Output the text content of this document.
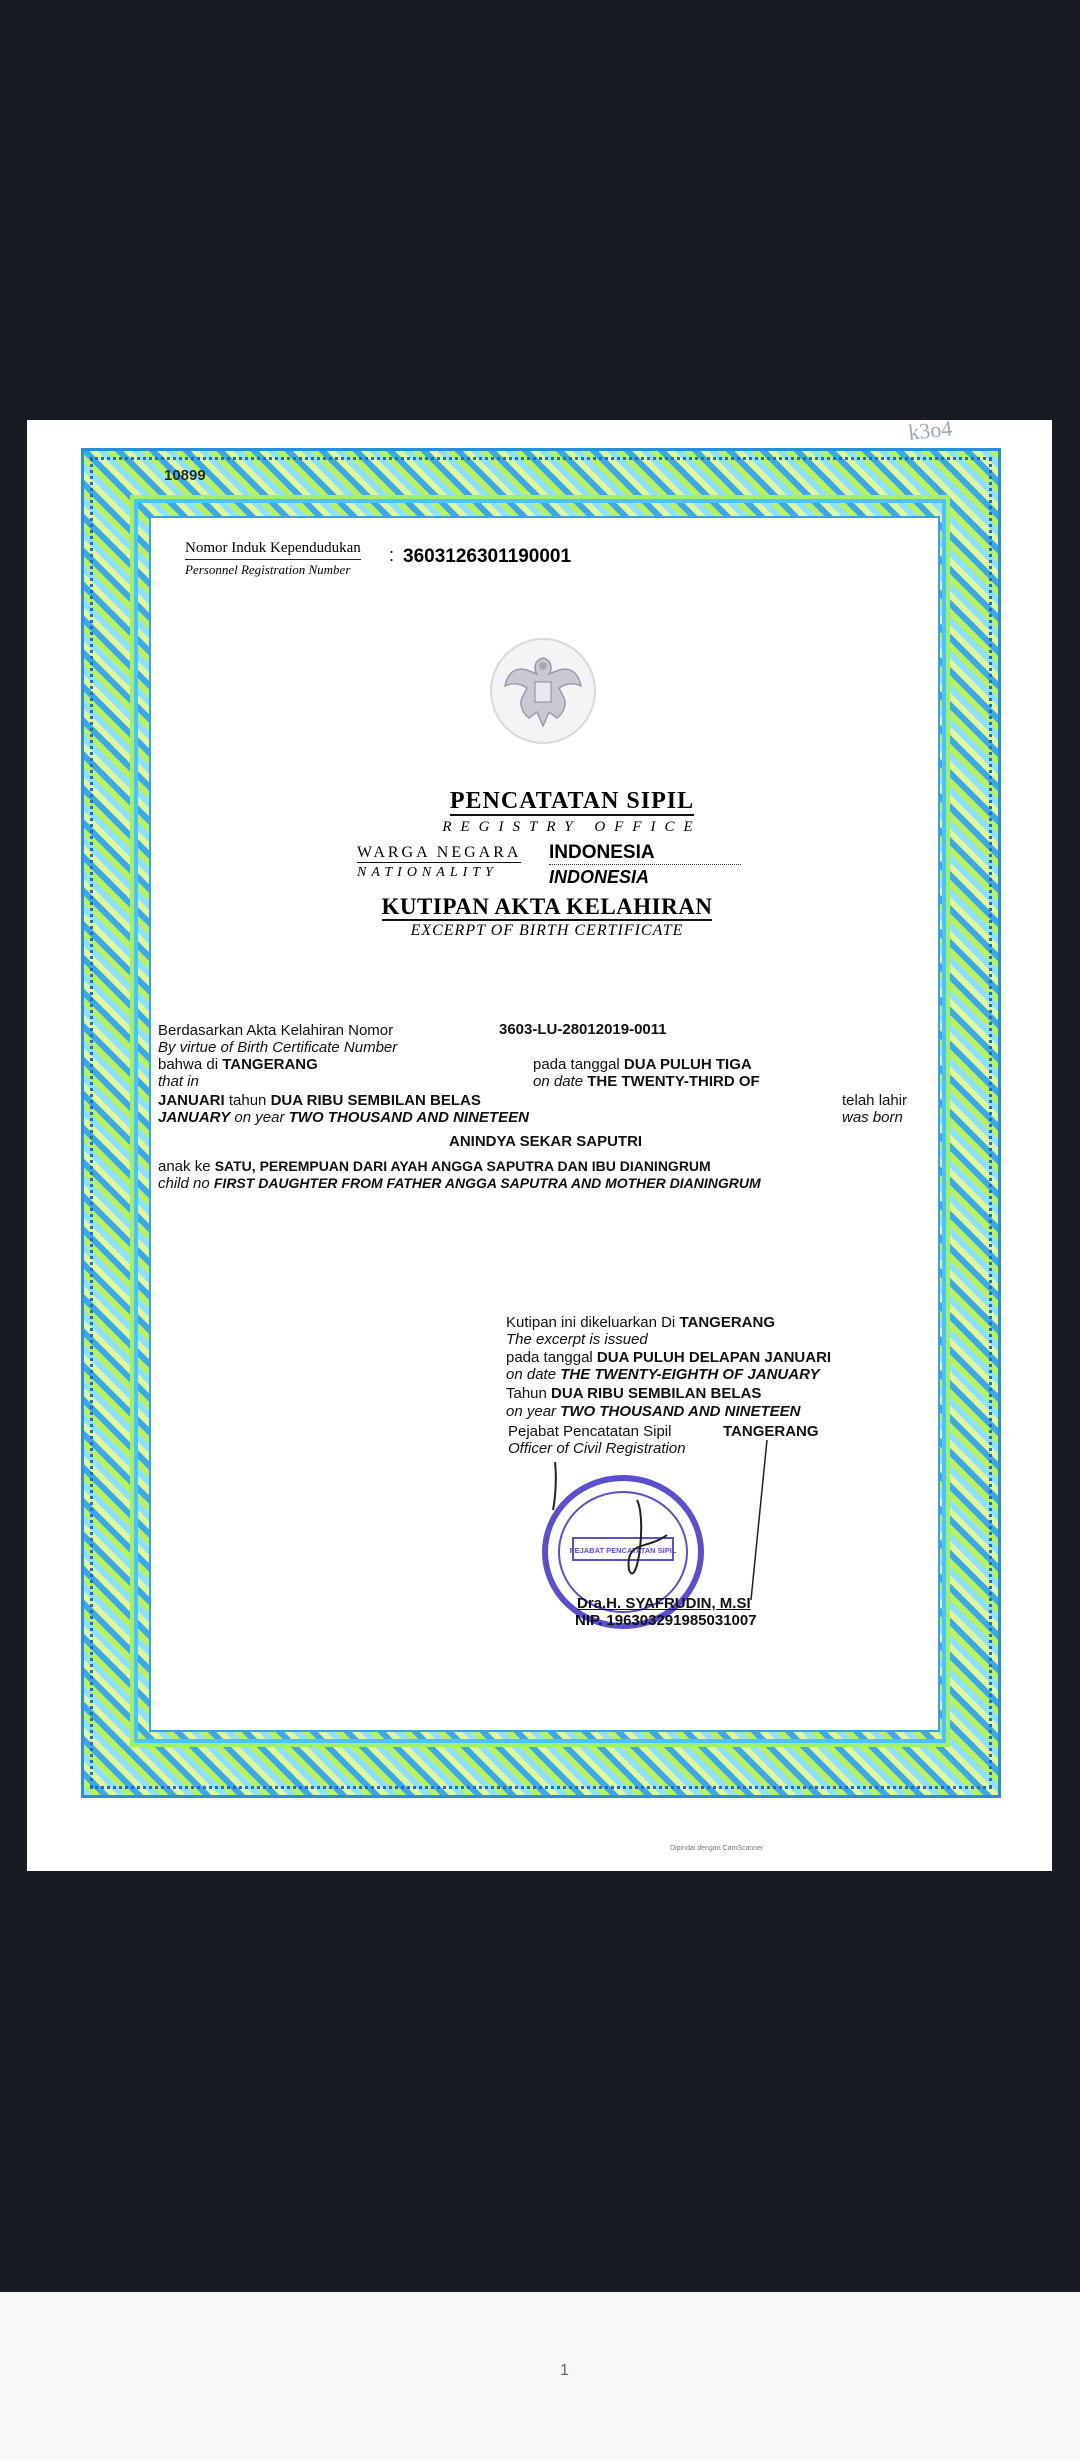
k3o4
10899
Nomor Induk Kependudukan
Personnel Registration Number
: 3603126301190001
PENCATATAN SIPIL
REGISTRY OFFICE
WARGA NEGARA
NATIONALITY
INDONESIA
INDONESIA
KUTIPAN AKTA KELAHIRAN
EXCERPT OF BIRTH CERTIFICATE
Berdasarkan Akta Kelahiran Nomor
By virtue of Birth Certificate Number
3603-LU-28012019-0011
bahwa di TANGERANG
that in
pada tanggal DUA PULUH TIGA
on date THE TWENTY-THIRD OF
JANUARI tahun DUA RIBU SEMBILAN BELAS
JANUARY on year TWO THOUSAND AND NINETEEN
telah lahir
was born
ANINDYA SEKAR SAPUTRI
anak ke SATU, PEREMPUAN DARI AYAH ANGGA SAPUTRA DAN IBU DIANINGRUM
child no FIRST DAUGHTER FROM FATHER ANGGA SAPUTRA AND MOTHER DIANINGRUM
Kutipan ini dikeluarkan Di TANGERANG
The excerpt is issued
pada tanggal DUA PULUH DELAPAN JANUARI
on date THE TWENTY-EIGHTH OF JANUARY
Tahun DUA RIBU SEMBILAN BELAS
on year TWO THOUSAND AND NINETEEN
Pejabat Pencatatan Sipil	TANGERANG
Officer of Civil Registration
PEJABAT PENCATATAN SIPIL
Dra.H. SYAFRUDIN, M.SI
NIP. 196303291985031007
Dipindai dengan CamScanner
1
